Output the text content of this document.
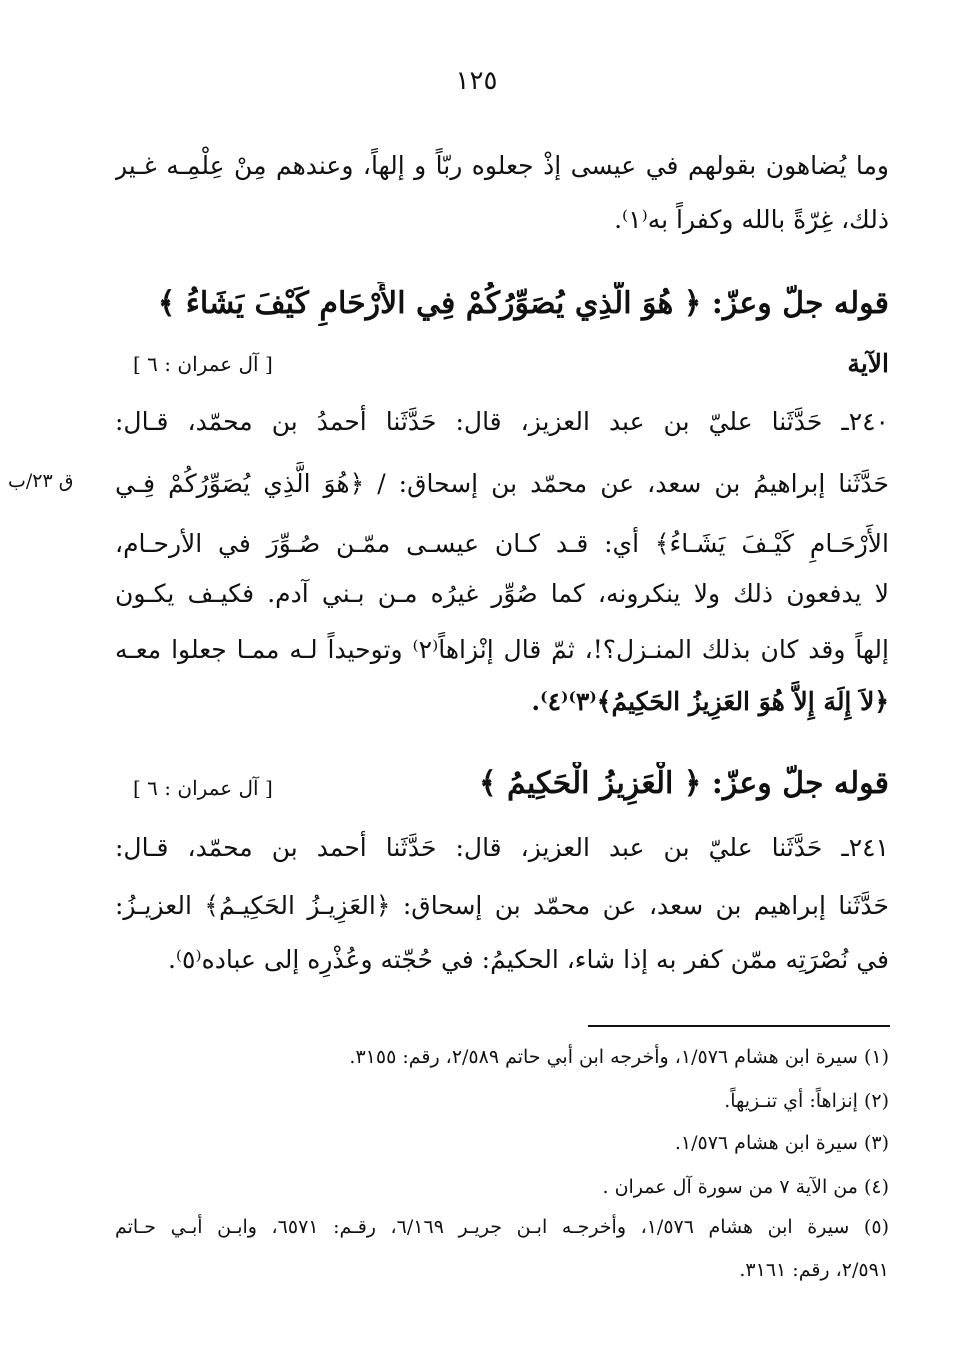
١٢٥
وما يُضاهون بقولهم في عيسى إذْ جعلوه ربّاً و إلهاً، وعندهم مِنْ عِلْمِـه غـير
ذلك، غِرّةً بالله وكفراً به⁽١⁾.
قوله جلّ وعزّ: ﴿ هُوَ الَّذِي يُصَوِّرُكُمْ فِي الأَرْحَامِ كَيْفَ يَشَاءُ ﴾
الآية
[ آل عمران : ٦ ]
ق ٢٣/ب
٢٤٠ـ حَدَّثَنا عليّ بن عبد العزيز، قال: حَدَّثَنا أحمدُ بن محمّد، قـال:
حَدَّثَنا إبراهيمُ بن سعد، عن محمّد بن إسحاق: / ﴿هُوَ الَّذِي يُصَوِّرُكُمْ فِـي
الأَرْحَـامِ كَيْـفَ يَشَـاءُ﴾ أي: قـد كـان عيسـى ممّـن صُـوِّرَ في الأرحـام،
لا يدفعون ذلك ولا ينكرونه، كما صُوِّر غيرُه مـن بـني آدم. فكيـف يكـون
إلهاً وقد كان بذلك المنـزل؟!، ثمّ قال إنْزاهاً⁽٢⁾ وتوحيداً لـه ممـا جعلوا معـه
﴿لاَ إِلَهَ إِلاَّ هُوَ العَزِيزُ الحَكِيمُ﴾⁽٣⁾⁽٤⁾.
قوله جلّ وعزّ: ﴿ الْعَزِيزُ الْحَكِيمُ ﴾
[ آل عمران : ٦ ]
٢٤١ـ حَدَّثَنا عليّ بن عبد العزيز، قال: حَدَّثَنا أحمد بن محمّد، قـال:
حَدَّثَنا إبراهيم بن سعد، عن محمّد بن إسحاق: ﴿العَزِيـزُ الحَكِيـمُ﴾ العزيـزُ:
في نُصْرَتِه ممّن كفر به إذا شاء، الحكيمُ: في حُجّته وعُذْرِه إلى عباده⁽٥⁾.
(١) سيرة ابن هشام ١/٥٧٦، وأخرجه ابن أبي حاتم ٢/٥٨٩، رقم: ٣١٥٥.
(٢) إنزاهاً: أي تنـزيهاً.
(٣) سيرة ابن هشام ١/٥٧٦.
(٤) من الآية ٧ من سورة آل عمران .
(٥) سيرة ابن هشام ١/٥٧٦، وأخرجـه ابـن جريـر ٦/١٦٩، رقـم: ٦٥٧١، وابـن أبـي حـاتم
٢/٥٩١، رقم: ٣١٦١.
